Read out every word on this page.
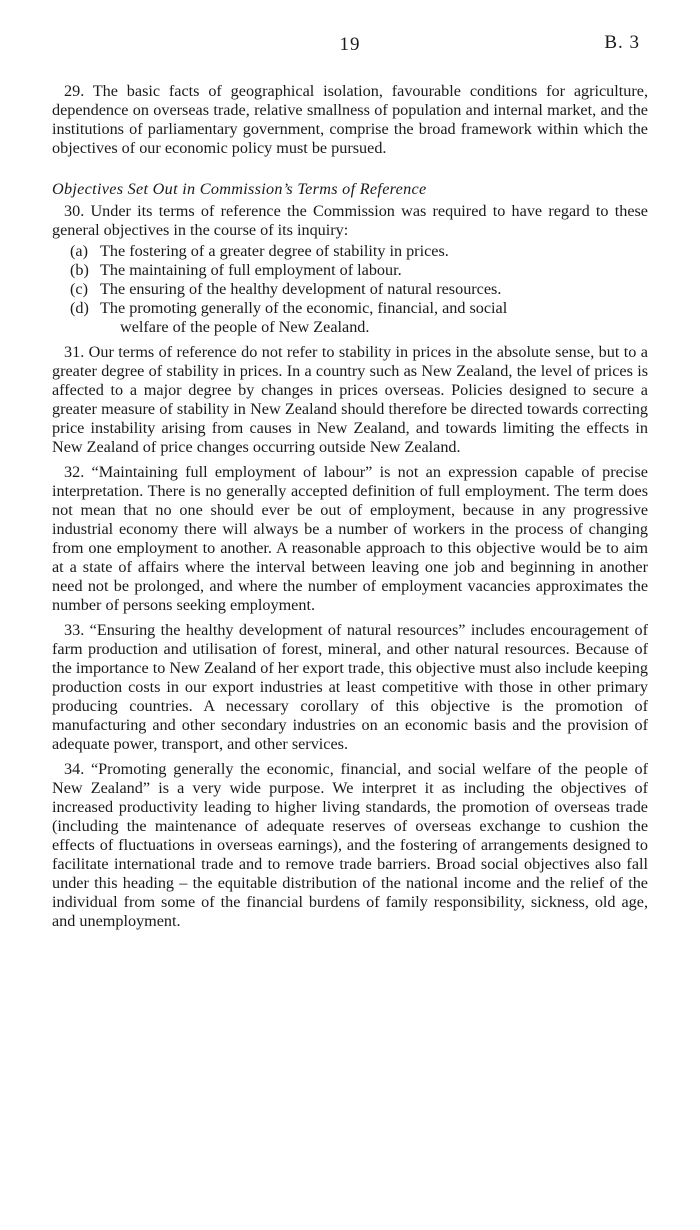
19	B. 3

29. The basic facts of geographical isolation, favourable conditions for agriculture, dependence on overseas trade, relative smallness of population and internal market, and the institutions of parliamentary government, comprise the broad framework within which the objectives of our economic policy must be pursued.

Objectives Set Out in Commission’s Terms of Reference

30. Under its terms of reference the Commission was required to have regard to these general objectives in the course of its inquiry:

(a) The fostering of a greater degree of stability in prices.
(b) The maintaining of full employment of labour.
(c) The ensuring of the healthy development of natural resources.
(d) The promoting generally of the economic, financial, and social
welfare of the people of New Zealand.

31. Our terms of reference do not refer to stability in prices in the absolute sense, but to a greater degree of stability in prices. In a country such as New Zealand, the level of prices is affected to a major degree by changes in prices overseas. Policies designed to secure a greater measure of stability in New Zealand should therefore be directed towards correcting price instability arising from causes in New Zealand, and towards limiting the effects in New Zealand of price changes occurring outside New Zealand.

32. “Maintaining full employment of labour” is not an expression capable of precise interpretation. There is no generally accepted definition of full employment. The term does not mean that no one should ever be out of employment, because in any progressive industrial economy there will always be a number of workers in the process of changing from one employment to another. A reasonable approach to this objective would be to aim at a state of affairs where the interval between leaving one job and beginning in another need not be prolonged, and where the number of employment vacancies approximates the number of persons seeking employment.

33. “Ensuring the healthy development of natural resources” includes encouragement of farm production and utilisation of forest, mineral, and other natural resources. Because of the importance to New Zealand of her export trade, this objective must also include keeping production costs in our export industries at least competitive with those in other primary producing countries. A necessary corollary of this objective is the promotion of manufacturing and other secondary industries on an economic basis and the provision of adequate power, transport, and other services.

34. “Promoting generally the economic, financial, and social welfare of the people of New Zealand” is a very wide purpose. We interpret it as including the objectives of increased productivity leading to higher living standards, the promotion of overseas trade (including the maintenance of adequate reserves of overseas exchange to cushion the effects of fluctuations in overseas earnings), and the fostering of arrangements designed to facilitate international trade and to remove trade barriers. Broad social objectives also fall under this heading – the equitable distribution of the national income and the relief of the individual from some of the financial burdens of family responsibility, sickness, old age, and unemployment.
